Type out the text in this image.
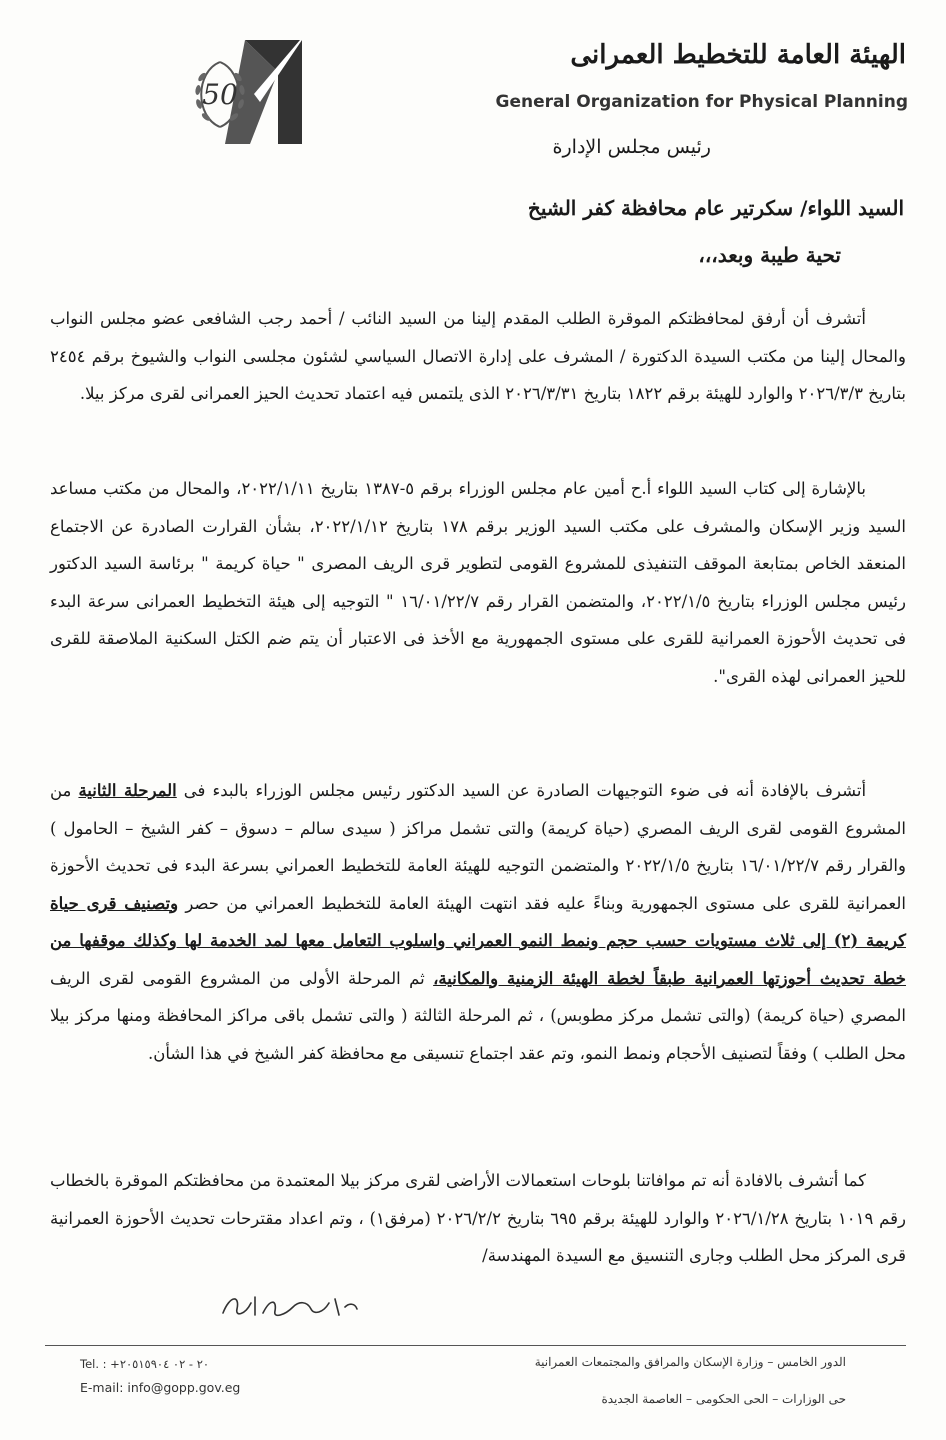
50
الهيئة العامة للتخطيط العمرانى
General Organization for Physical Planning
رئيس مجلس الإدارة
السيد اللواء/ سكرتير عام محافظة كفر الشيخ
تحية طيبة وبعد،،،

أتشرف أن أرفق لمحافظتكم الموقرة الطلب المقدم إلينا من السيد النائب / أحمد رجب الشافعى عضو مجلس النواب والمحال إلينا من مكتب السيدة الدكتورة / المشرف على إدارة الاتصال السياسي لشئون مجلسى النواب والشيوخ برقم ٢٤٥٤ بتاريخ ٢٠٢٦/٣/٣ والوارد للهيئة برقم ١٨٢٢ بتاريخ ٢٠٢٦/٣/٣١ الذى يلتمس فيه اعتماد تحديث الحيز العمرانى لقرى مركز بيلا.

بالإشارة إلى كتاب السيد اللواء أ.ح أمين عام مجلس الوزراء برقم ٥-١٣٨٧ بتاريخ ٢٠٢٢/١/١١، والمحال من مكتب مساعد السيد وزير الإسكان والمشرف على مكتب السيد الوزير برقم ١٧٨ بتاريخ ٢٠٢٢/١/١٢، بشأن القرارت الصادرة عن الاجتماع المنعقد الخاص بمتابعة الموقف التنفيذى للمشروع القومى لتطوير قرى الريف المصرى " حياة كريمة " برئاسة السيد الدكتور رئيس مجلس الوزراء بتاريخ ٢٠٢٢/١/٥، والمتضمن القرار رقم ١٦/٠١/٢٢/٧ " التوجيه إلى هيئة التخطيط العمرانى سرعة البدء فى تحديث الأحوزة العمرانية للقرى على مستوى الجمهورية مع الأخذ فى الاعتبار أن يتم ضم الكتل السكنية الملاصقة للقرى للحيز العمرانى لهذه القرى".

أتشرف بالإفادة أنه فى ضوء التوجيهات الصادرة عن السيد الدكتور رئيس مجلس الوزراء بالبدء فى المرحلة الثانية من المشروع القومى لقرى الريف المصري (حياة كريمة) والتى تشمل مراكز ( سيدى سالم – دسوق – كفر الشيخ – الحامول ) والقرار رقم ١٦/٠١/٢٢/٧ بتاريخ ٢٠٢٢/١/٥ والمتضمن التوجيه للهيئة العامة للتخطيط العمراني بسرعة البدء فى تحديث الأحوزة العمرانية للقرى على مستوى الجمهورية وبناءً عليه فقد انتهت الهيئة العامة للتخطيط العمراني من حصر وتصنيف قرى حياة كريمة (٢) إلى ثلاث مستويات حسب حجم ونمط النمو العمراني واسلوب التعامل معها لمد الخدمة لها وكذلك موقفها من خطة تحديث أحوزتها العمرانية طبقاً لخطة الهيئة الزمنية والمكانية، ثم المرحلة الأولى من المشروع القومى لقرى الريف المصري (حياة كريمة) (والتى تشمل مركز مطوبس) ، ثم المرحلة الثالثة ( والتى تشمل باقى مراكز المحافظة ومنها مركز بيلا محل الطلب ) وفقاً لتصنيف الأحجام ونمط النمو، وتم عقد اجتماع تنسيقى مع محافظة كفر الشيخ في هذا الشأن.

كما أتشرف بالافادة أنه تم موافاتنا بلوحات استعمالات الأراضى لقرى مركز بيلا المعتمدة من محافظتكم الموقرة بالخطاب رقم ١٠١٩ بتاريخ ٢٠٢٦/١/٢٨ والوارد للهيئة برقم ٦٩٥ بتاريخ ٢٠٢٦/٢/٢ (مرفق١) ، وتم اعداد مقترحات تحديث الأحوزة العمرانية قرى المركز محل الطلب وجارى التنسيق مع السيدة المهندسة/

Tel. : +٢٠ - ٠٢ ٢٠٥١٥٩٠٤
E-mail: info@gopp.gov.eg
الدور الخامس – وزارة الإسكان والمرافق والمجتمعات العمرانية
حى الوزارات – الحى الحكومى – العاصمة الجديدة
